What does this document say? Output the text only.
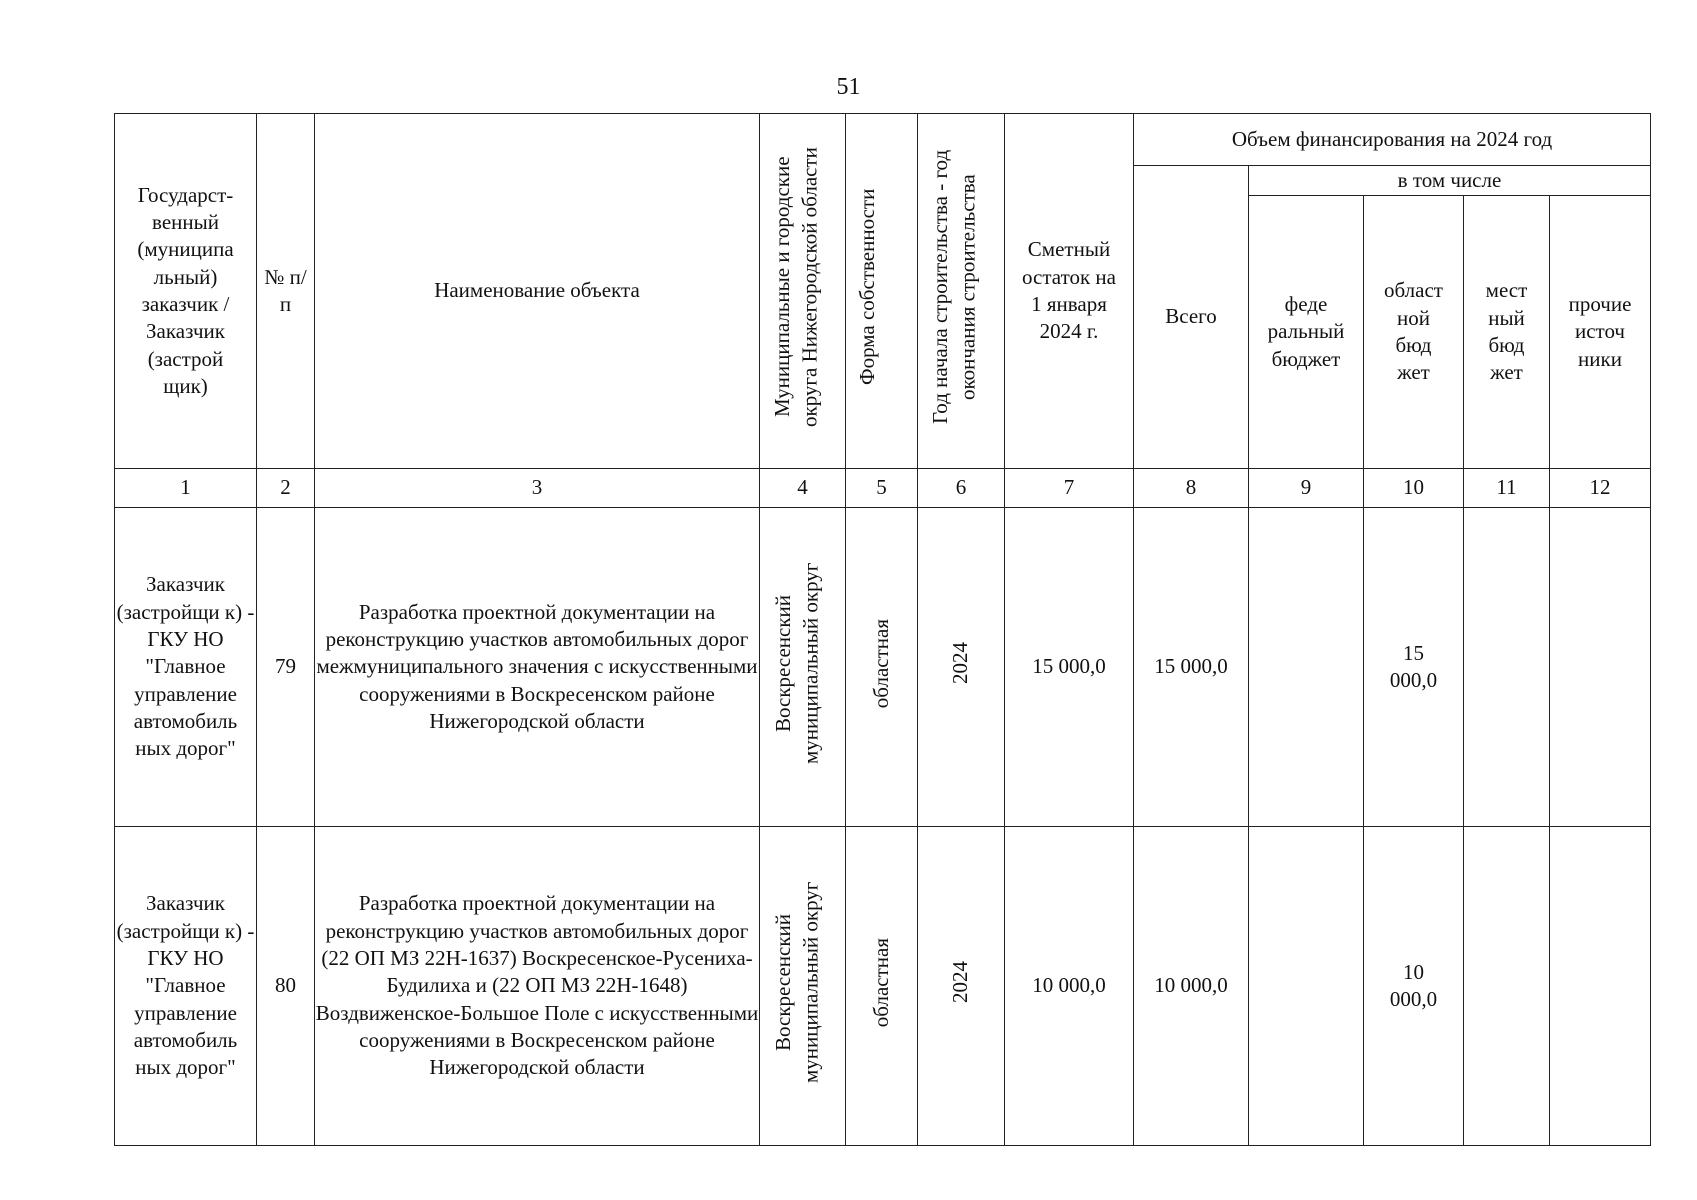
51
Государст-венный (муниципа льный) заказчик / Заказчик (застрой щик)	№ п/п	Наименование объекта	Муниципальные и городские округа Нижегородской области	Форма собственности	Год начала строительства - год окончания строительства	Сметный остаток на 1 января 2024 г.	Объем финансирования на 2024 год				
							Всего	в том числе			
								феде ральный бюджет	област ной бюд жет	мест ный бюд жет	прочие источ ники
1	2	3	4	5	6	7	8	9	10	11	12
Заказчик (застройщи к) - ГКУ НО "Главное управление автомобиль ных дорог"	79	Разработка проектной документации на реконструкцию участков автомобильных дорог межмуниципального значения с искусственными сооружениями в Воскресенском районе Нижегородской области	Воскресенский муниципальный округ	областная	2024	15 000,0	15 000,0		15 000,0		
Заказчик (застройщи к) - ГКУ НО "Главное управление автомобиль ных дорог"	80	Разработка проектной документации на реконструкцию участков автомобильных дорог (22 ОП МЗ 22Н-1637) Воскресенское-Русениха-Будилиха и (22 ОП МЗ 22Н-1648) Воздвиженское-Большое Поле с искусственными сооружениями в Воскресенском районе Нижегородской области	Воскресенский муниципальный округ	областная	2024	10 000,0	10 000,0		10 000,0		
